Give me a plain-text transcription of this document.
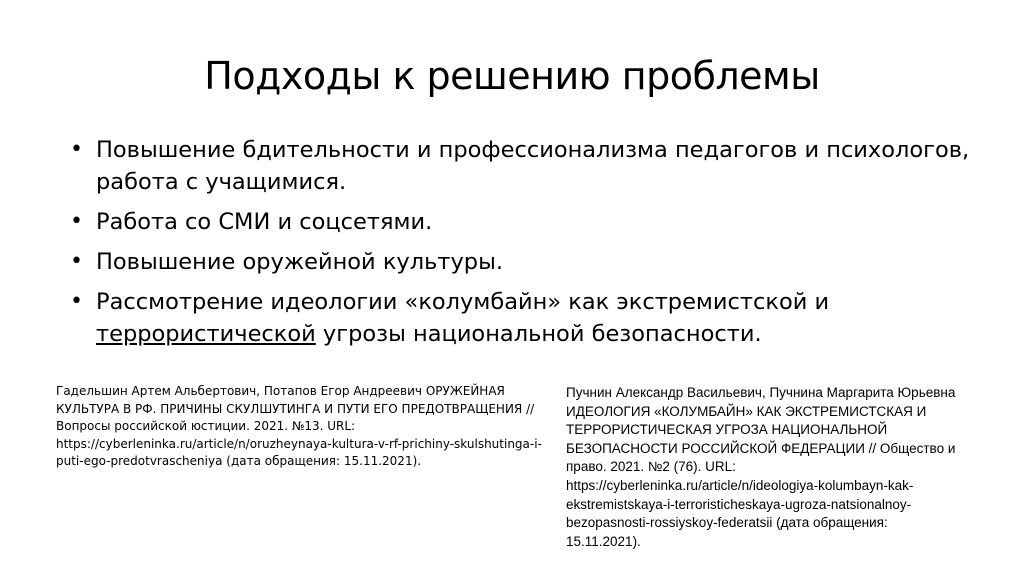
Подходы к решению проблемы
• Повышение бдительности и профессионализма педагогов и психологов, работа с учащимися.
• Работа со СМИ и соцсетями.
• Повышение оружейной культуры.
• Рассмотрение идеологии «колумбайн» как экстремистской и террористической угрозы национальной безопасности.
Гадельшин Артем Альбертович, Потапов Егор Андреевич ОРУЖЕЙНАЯ КУЛЬТУРА В РФ. ПРИЧИНЫ СКУЛШУТИНГА И ПУТИ ЕГО ПРЕДОТВРАЩЕНИЯ // Вопросы российской юстиции. 2021. №13. URL: https://cyberleninka.ru/article/n/oruzheynaya-kultura-v-rf-prichiny-skulshutinga-i-puti-ego-predotvrascheniya (дата обращения: 15.11.2021).
Пучнин Александр Васильевич, Пучнина Маргарита Юрьевна ИДЕОЛОГИЯ «КОЛУМБАЙН» КАК ЭКСТРЕМИСТСКАЯ И ТЕРРОРИСТИЧЕСКАЯ УГРОЗА НАЦИОНАЛЬНОЙ БЕЗОПАСНОСТИ РОССИЙСКОЙ ФЕДЕРАЦИИ // Общество и право. 2021. №2 (76). URL: https://cyberleninka.ru/article/n/ideologiya-kolumbayn-kak-ekstremistskaya-i-terroristicheskaya-ugroza-natsionalnoy-bezopasnosti-rossiyskoy-federatsii (дата обращения: 15.11.2021).
